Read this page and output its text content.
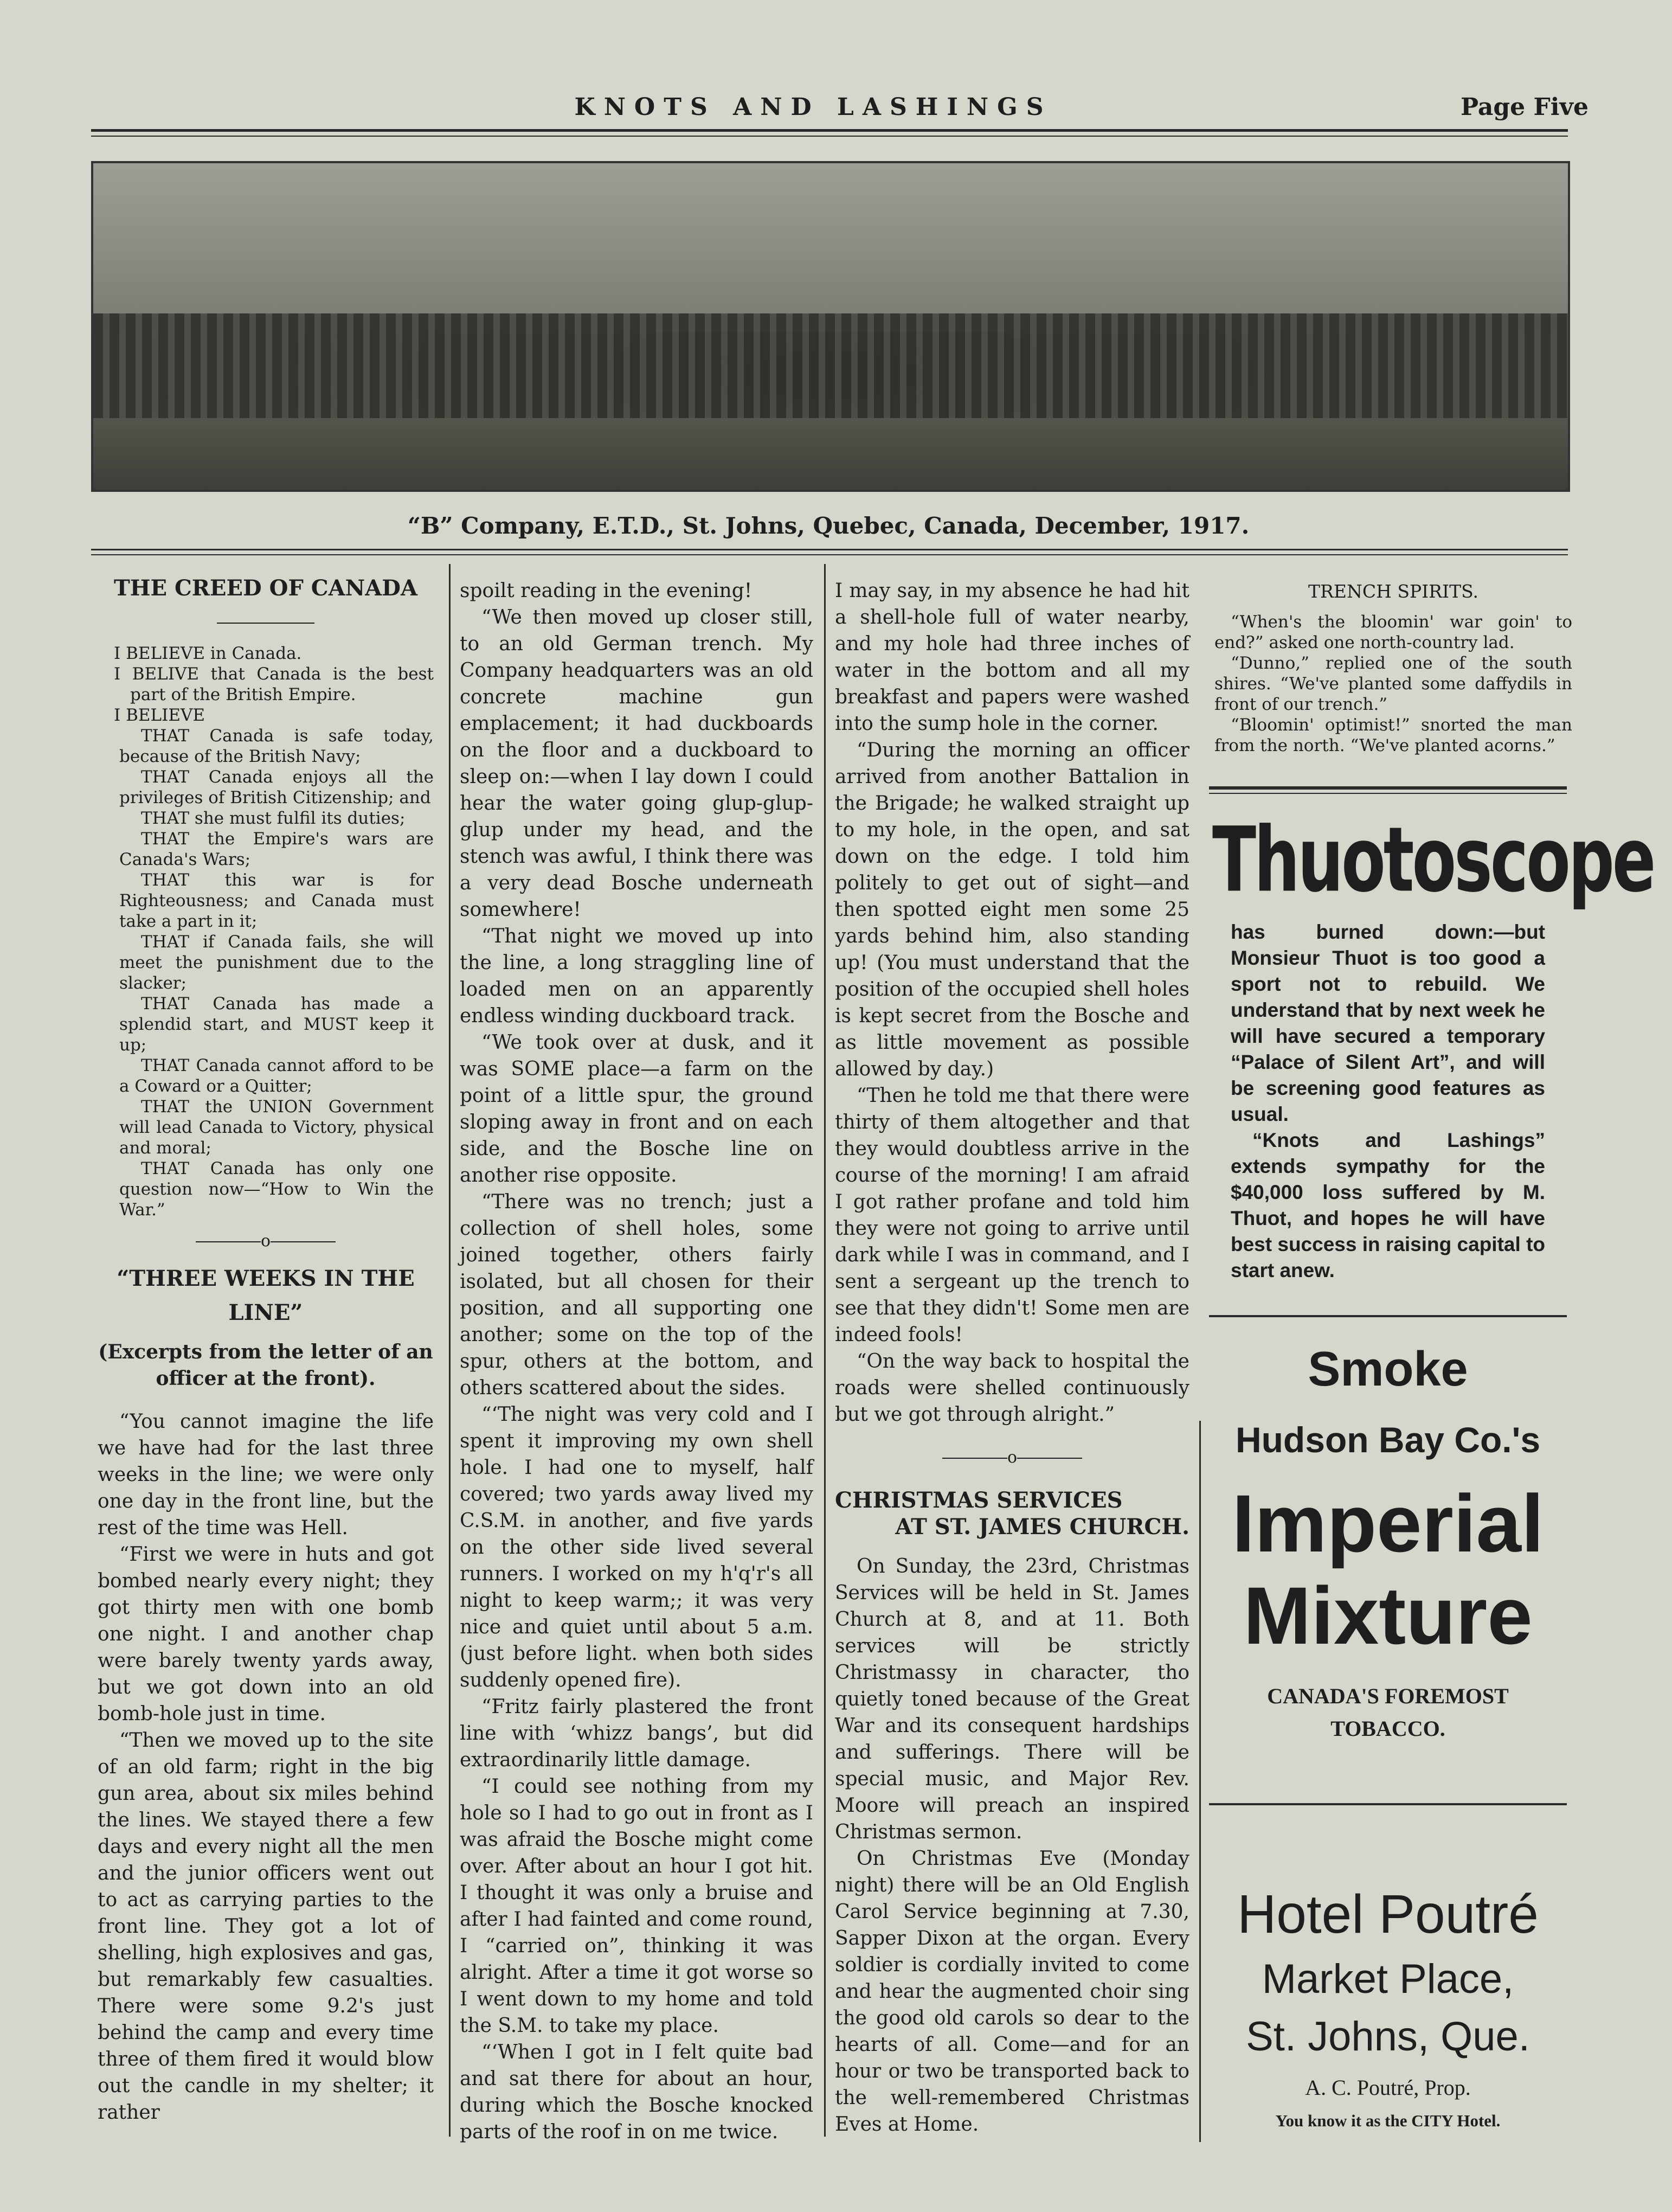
KNOTS AND LASHINGS	Page Five
“B” Company, E.T.D., St. Johns, Quebec, Canada, December, 1917.
THE CREED OF CANADA
――――――

I BELIEVE in Canada.

I BELIVE that Canada is the best part of the British Empire.

I BELIEVE

THAT Canada is safe today, because of the British Navy;

THAT Canada enjoys all the privileges of British Citizenship; and

THAT she must fulfil its duties;

THAT the Empire's wars are Canada's Wars;

THAT this war is for Righteousness; and Canada must take a part in it;

THAT if Canada fails, she will meet the punishment due to the slacker;

THAT Canada has made a splendid start, and MUST keep it up;

THAT Canada cannot afford to be a Coward or a Quitter;

THAT the UNION Government will lead Canada to Victory, physical and moral;

THAT Canada has only one question now—“How to Win the War.”

――――o――――
“THREE WEEKS IN THE
LINE”
(Excerpts from the letter of an officer at the front).

“You cannot imagine the life we have had for the last three weeks in the line; we were only one day in the front line, but the rest of the time was Hell.

“First we were in huts and got bombed nearly every night; they got thirty men with one bomb one night. I and another chap were barely twenty yards away, but we got down into an old bomb-hole just in time.

“Then we moved up to the site of an old farm; right in the big gun area, about six miles behind the lines. We stayed there a few days and every night all the men and the junior officers went out to act as carrying parties to the front line. They got a lot of shelling, high explosives and gas, but remarkably few casualties. There were some 9.2's just behind the camp and every time three of them fired it would blow out the candle in my shelter; it rather

spoilt reading in the evening!

“We then moved up closer still, to an old German trench. My Company headquarters was an old concrete machine gun emplacement; it had duckboards on the floor and a duckboard to sleep on:—when I lay down I could hear the water going glup-glup-glup under my head, and the stench was awful, I think there was a very dead Bosche underneath somewhere!

“That night we moved up into the line, a long straggling line of loaded men on an apparently endless winding duckboard track.

“We took over at dusk, and it was SOME place—a farm on the point of a little spur, the ground sloping away in front and on each side, and the Bosche line on another rise opposite.

“There was no trench; just a collection of shell holes, some joined together, others fairly isolated, but all chosen for their position, and all supporting one another; some on the top of the spur, others at the bottom, and others scattered about the sides.

“‘The night was very cold and I spent it improving my own shell hole. I had one to myself, half covered; two yards away lived my C.S.M. in another, and five yards on the other side lived several runners. I worked on my h'q'r's all night to keep warm;; it was very nice and quiet until about 5 a.m. (just before light. when both sides suddenly opened fire).

“Fritz fairly plastered the front line with ‘whizz bangs’, but did extraordinarily little damage.

“I could see nothing from my hole so I had to go out in front as I was afraid the Bosche might come over. After about an hour I got hit. I thought it was only a bruise and after I had fainted and come round, I “carried on”, thinking it was alright. After a time it got worse so I went down to my home and told the S.M. to take my place.

“‘When I got in I felt quite bad and sat there for about an hour, during which the Bosche knocked parts of the roof in on me twice.

I may say, in my absence he had hit a shell-hole full of water nearby, and my hole had three inches of water in the bottom and all my breakfast and papers were washed into the sump hole in the corner.

“During the morning an officer arrived from another Battalion in the Brigade; he walked straight up to my hole, in the open, and sat down on the edge. I told him politely to get out of sight—and then spotted eight men some 25 yards behind him, also standing up! (You must understand that the position of the occupied shell holes is kept secret from the Bosche and as little movement as possible allowed by day.)

“Then he told me that there were thirty of them altogether and that they would doubtless arrive in the course of the morning! I am afraid I got rather profane and told him they were not going to arrive until dark while I was in command, and I sent a sergeant up the trench to see that they didn't! Some men are indeed fools!

“On the way back to hospital the roads were shelled continuously but we got through alright.”

――――o――――
CHRISTMAS SERVICES
AT ST. JAMES CHURCH.

On Sunday, the 23rd, Christmas Services will be held in St. James Church at 8, and at 11. Both services will be strictly Christmassy in character, tho quietly toned because of the Great War and its consequent hardships and sufferings. There will be special music, and Major Rev. Moore will preach an inspired Christmas sermon.

On Christmas Eve (Monday night) there will be an Old English Carol Service beginning at 7.30, Sapper Dixon at the organ. Every soldier is cordially invited to come and hear the augmented choir sing the good old carols so dear to the hearts of all. Come—and for an hour or two be transported back to the well-remembered Christmas Eves at Home.

TRENCH SPIRITS.

“When's the bloomin' war goin' to end?” asked one north-country lad.

“Dunno,” replied one of the south shires. “We've planted some daffydils in front of our trench.”

“Bloomin' optimist!” snorted the man from the north. “We've planted acorns.”

Thuotoscope

has burned down:—but Monsieur Thuot is too good a sport not to rebuild. We understand that by next week he will have secured a temporary “Palace of Silent Art”, and will be screening good features as usual.

“Knots and Lashings” extends sympathy for the $40,000 loss suffered by M. Thuot, and hopes he will have best success in raising capital to start anew.

Smoke
Hudson Bay Co.'s
Imperial
Mixture
CANADA'S FOREMOST
TOBACCO.
Hotel Poutré
Market Place,
St. Johns, Que.
A. C. Poutré, Prop.
You know it as the CITY Hotel.
